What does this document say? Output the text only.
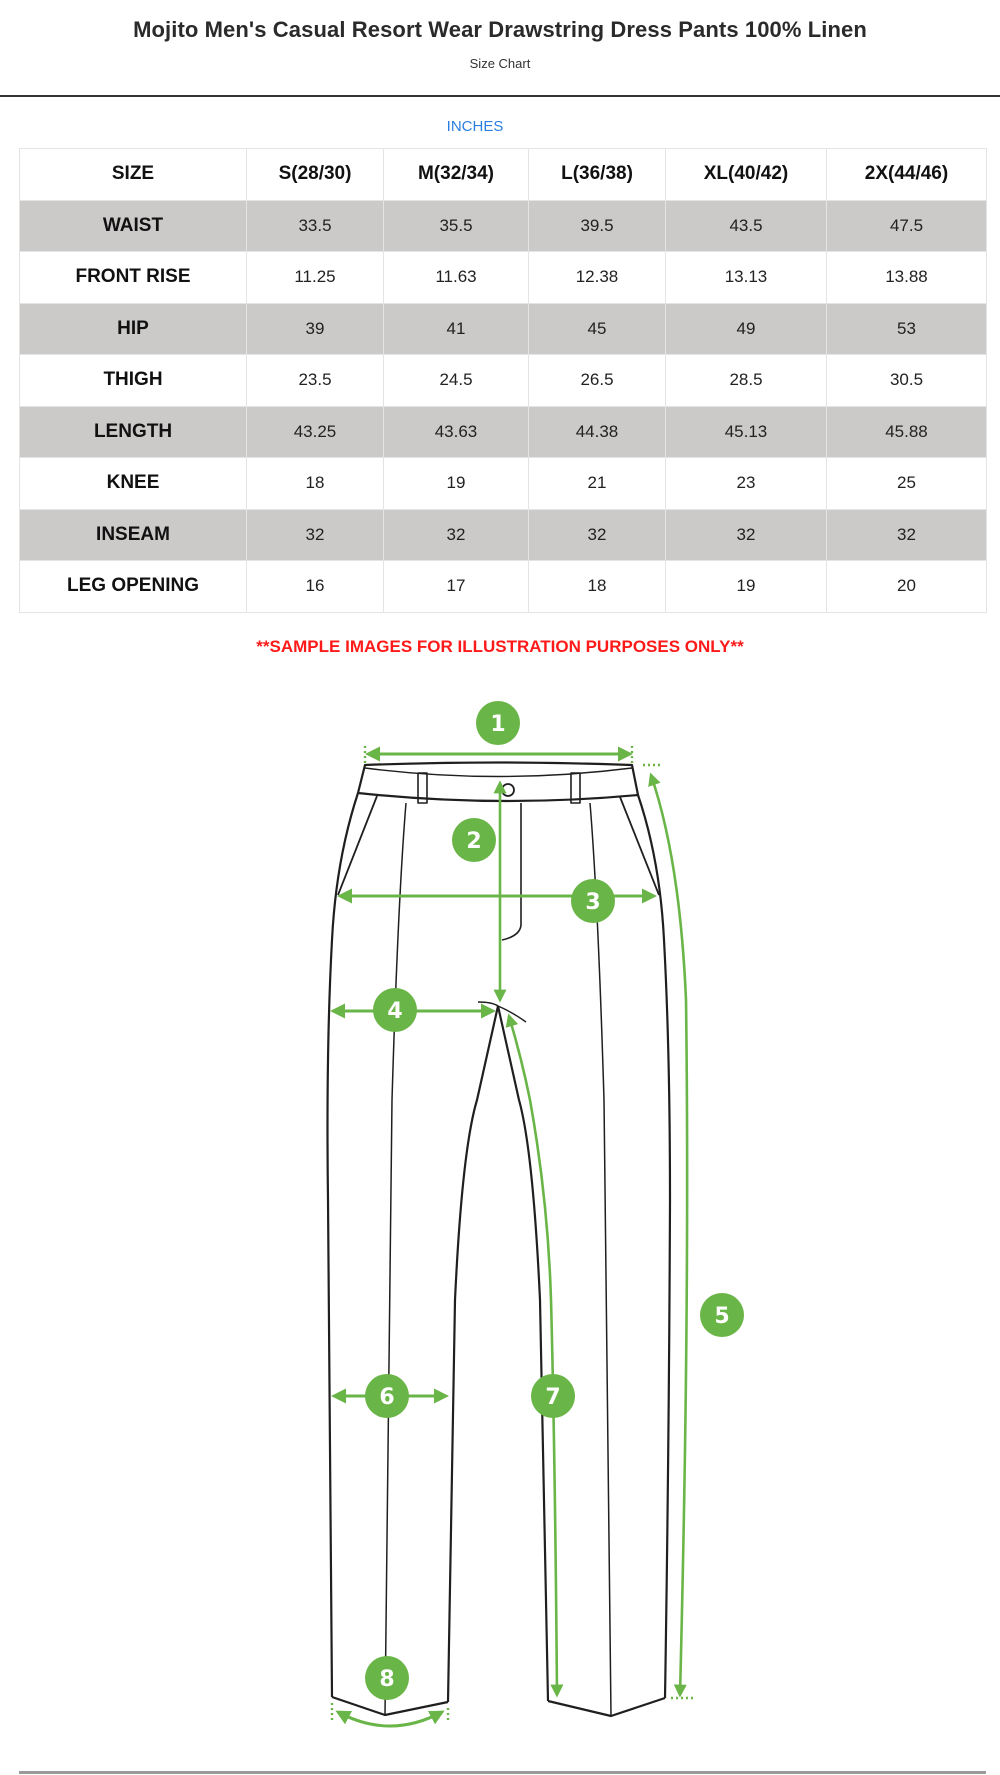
Mojito Men's Casual Resort Wear Drawstring Dress Pants 100% Linen
Size Chart
INCHES
SIZE	S(28/30)	M(32/34)	L(36/38)	XL(40/42)	2X(44/46)
WAIST	33.5	35.5	39.5	43.5	47.5
FRONT RISE	11.25	11.63	12.38	13.13	13.88
HIP	39	41	45	49	53
THIGH	23.5	24.5	26.5	28.5	30.5
LENGTH	43.25	43.63	44.38	45.13	45.88
KNEE	18	19	21	23	25
INSEAM	32	32	32	32	32
LEG OPENING	16	17	18	19	20
**SAMPLE IMAGES FOR ILLUSTRATION PURPOSES ONLY**
1
2
3
4
5
6	7
8
